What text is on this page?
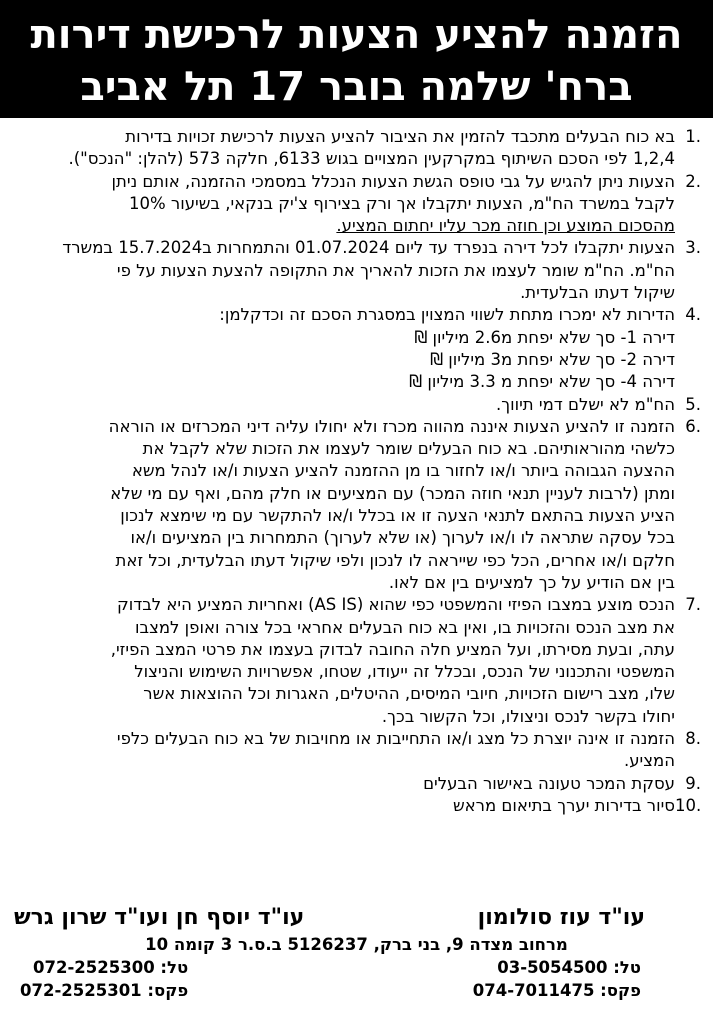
הזמנה להציע הצעות לרכישת דירות
ברח' שלמה בובר 17 תל אביב
1.
בא כוח הבעלים מתכבד להזמין את הציבור להציע הצעות לרכישת זכויות בדירות
1,2,4 לפי הסכם השיתוף במקרקעין המצויים בגוש 6133, חלקה 573 (להלן: "הנכס").
2.
הצעות ניתן להגיש על גבי טופס הגשת הצעות הנכלל במסמכי ההזמנה, אותם ניתן
לקבל במשרד הח"מ, הצעות יתקבלו אך ורק בצירוף צ'יק בנקאי, בשיעור 10%
מהסכום המוצע וכן חוזה מכר עליו יחתום המציע.
3.
הצעות יתקבלו לכל דירה בנפרד עד ליום 01.07.2024 והתמחרות ב15.7.2024 במשרד
הח"מ. הח"מ שומר לעצמו את הזכות להאריך את התקופה להצעת הצעות על פי
שיקול דעתו הבלעדית.
4.
הדירות לא ימכרו מתחת לשווי המצוין במסגרת הסכם זה וכדקלמן:
דירה 1- סך שלא יפחת מ2.6 מיליון ₪
דירה 2- סך שלא יפחת מ3 מיליון ₪
דירה 4- סך שלא יפחת מ 3.3 מיליון ₪
5.
הח"מ לא ישלם דמי תיווך.
6.
הזמנה זו להציע הצעות איננה מהווה מכרז ולא יחולו עליה דיני המכרזים או הוראה
כלשהי מהוראותיהם. בא כוח הבעלים שומר לעצמו את הזכות שלא לקבל את
ההצעה הגבוהה ביותר ו/או לחזור בו מן ההזמנה להציע הצעות ו/או לנהל משא
ומתן (לרבות לעניין תנאי חוזה המכר) עם המציעים או חלק מהם, ואף עם מי שלא
הציע הצעות בהתאם לתנאי הצעה זו או בכלל ו/או להתקשר עם מי שימצא לנכון
בכל עסקה שתראה לו ו/או לערוך (או שלא לערוך) התמחרות בין המציעים ו/או
חלקם ו/או אחרים, הכל כפי שייראה לו לנכון ולפי שיקול דעתו הבלעדית, וכל זאת
בין אם הודיע על כך למציעים בין אם לאו.
7.
הנכס מוצע במצבו הפיזי והמשפטי כפי שהוא (AS IS) ואחריות המציע היא לבדוק
את מצב הנכס והזכויות בו, ואין בא כוח הבעלים אחראי בכל צורה ואופן למצבו
עתה, ובעת מסירתו, ועל המציע חלה החובה לבדוק בעצמו את פרטי המצב הפיזי,
המשפטי והתכנוני של הנכס, ובכלל זה ייעודו, שטחו, אפשרויות השימוש והניצול
שלו, מצב רישום הזכויות, חיובי המיסים, ההיטלים, האגרות וכל ההוצאות אשר
יחולו בקשר לנכס וניצולו, וכל הקשור בכך.
8.
הזמנה זו אינה יוצרת כל מצג ו/או התחייבות או מחויבות של בא כוח הבעלים כלפי
המציע.
9.
עסקת המכר טעונה באישור הבעלים
10.
סיור בדירות יערך בתיאום מראש
עו"ד עוז סולומון
עו"ד יוסף חן ועו"ד שרון גרש
מרחוב מצדה 9, בני ברק, 5126237 ב.ס.ר 3 קומה 10
טל: 03-5054500
פקס: 074-7011475
טל: 072-2525300
פקס: 072-2525301
